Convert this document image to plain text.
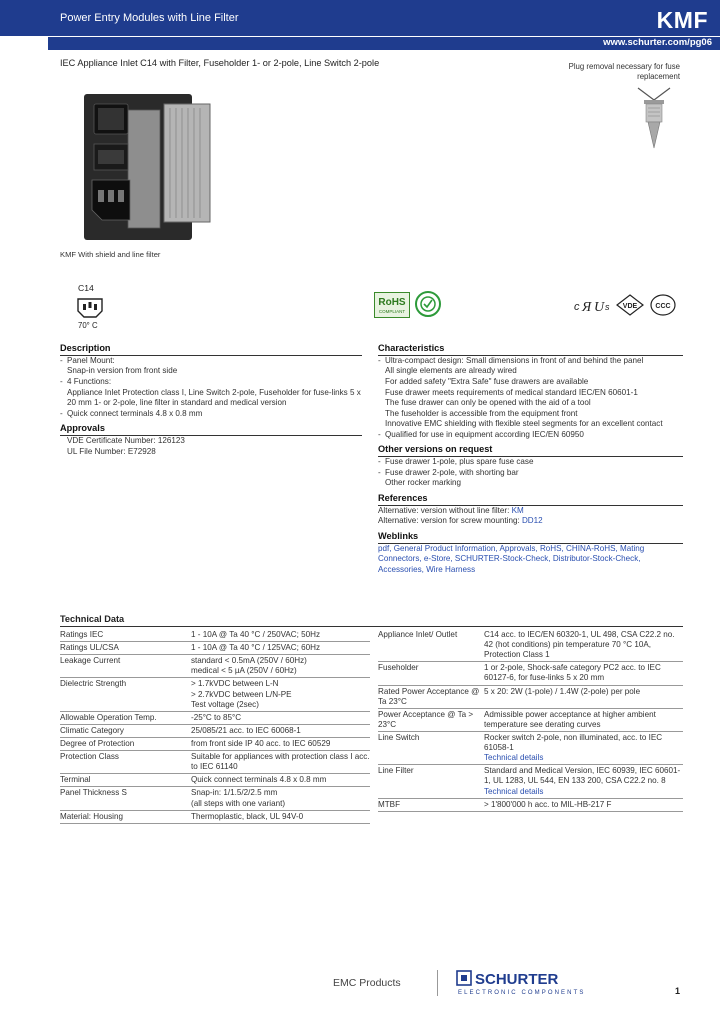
Power Entry Modules with Line Filter	KMF
www.schurter.com/pg06
IEC Appliance Inlet C14 with Filter, Fuseholder 1- or 2-pole, Line Switch 2-pole	Plug removal necessary for fuse replacement
KMF With shield and line filter
C14
70° C
RoHS
COMPLIANT	c Я U s VDE	CCC
Description
- Panel Mount:
Snap-in version from front side
- 4 Functions:
Appliance Inlet Protection class I, Line Switch 2-pole, Fuseholder for fuse-links 5 x 20 mm 1- or 2-pole, line filter in standard and medical version
- Quick connect terminals 4.8 x 0.8 mm
Approvals
VDE Certificate Number: 126123
UL File Number: E72928
Characteristics
- Ultra-compact design: Small dimensions in front of and behind the panel
All single elements are already wired
For added safety "Extra Safe" fuse drawers are available
Fuse drawer meets requirements of medical standard IEC/EN 60601-1
The fuse drawer can only be opened with the aid of a tool
The fuseholder is accessible from the equipment front
Innovative EMC shielding with flexible steel segments for an excellent contact
- Qualified for use in equipment according IEC/EN 60950
Other versions on request
- Fuse drawer 1-pole, plus spare fuse case
- Fuse drawer 2-pole, with shorting bar
Other rocker marking
References
Alternative: version without line filter: KM
Alternative: version for screw mounting: DD12
Weblinks
pdf, General Product Information, Approvals, RoHS, CHINA-RoHS, Mating Connectors, e-Store, SCHURTER-Stock-Check, Distributor-Stock-Check, Accessories, Wire Harness
Technical Data
Ratings IEC	1 - 10A @ Ta 40 °C / 250VAC; 50Hz

Ratings UL/CSA	1 - 10A @ Ta 40 °C / 125VAC; 60Hz

Leakage Current	standard < 0.5mA (250V / 60Hz)
medical < 5 µA (250V / 60Hz)

Dielectric Strength	> 1.7kVDC between L-N
> 2.7kVDC between L/N-PE
Test voltage (2sec)

Allowable Operation Temp.	-25°C to 85°C

Climatic Category	25/085/21 acc. to IEC 60068-1

Degree of Protection	from front side IP 40 acc. to IEC 60529

Protection Class	Suitable for appliances with protection class I acc. to IEC 61140

Terminal	Quick connect terminals 4.8 x 0.8 mm

Panel Thickness S	Snap-in: 1/1.5/2/2.5 mm
(all steps with one variant)

Material: Housing	Thermoplastic, black, UL 94V-0
Appliance Inlet/ Outlet	C14 acc. to IEC/EN 60320-1, UL 498, CSA C22.2 no. 42 (hot conditions) pin temperature 70 °C 10A, Protection Class 1

Fuseholder	1 or 2-pole, Shock-safe category PC2 acc. to IEC 60127-6, for fuse-links 5 x 20 mm

Rated Power Acceptance @ Ta 23°C	5 x 20: 2W (1-pole) / 1.4W (2-pole) per pole

Power Acceptance @ Ta > 23°C	Admissible power acceptance at higher ambient temperature see derating curves

Line Switch	Rocker switch 2-pole, non illuminated, acc. to IEC 61058-1
Technical details

Line Filter	Standard and Medical Version, IEC 60939, IEC 60601-1, UL 1283, UL 544, EN 133 200, CSA C22.2 no. 8
Technical details

MTBF	> 1'800'000 h acc. to MIL-HB-217 F
EMC Products	SCHURTER
ELECTRONIC COMPONENTS	1
